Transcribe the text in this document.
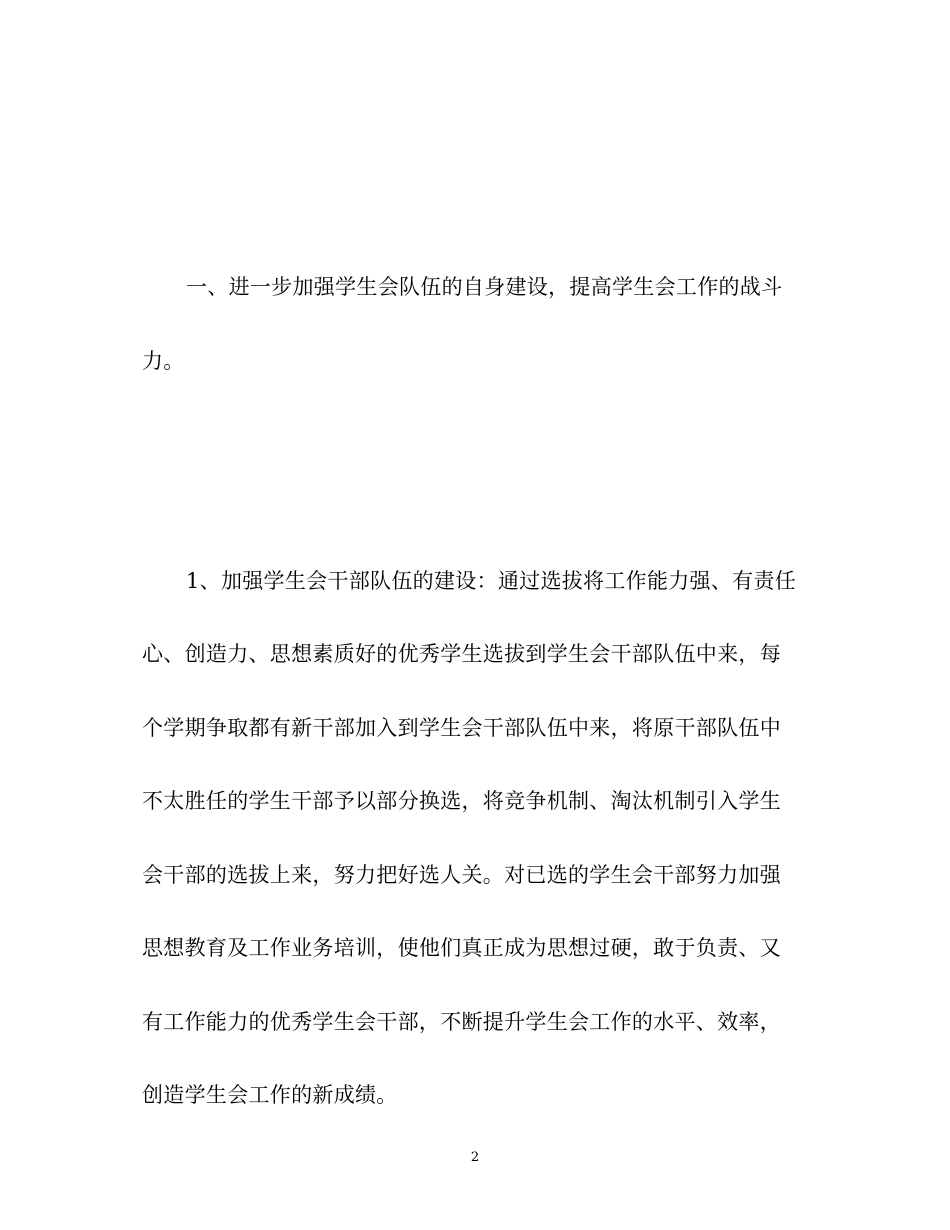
一、进一步加强学生会队伍的自身建设，提高学生会工作的战斗
力。
1、加强学生会干部队伍的建设：通过选拔将工作能力强、有责任
心、创造力、思想素质好的优秀学生选拔到学生会干部队伍中来，每
个学期争取都有新干部加入到学生会干部队伍中来，将原干部队伍中
不太胜任的学生干部予以部分换选，将竞争机制、淘汰机制引入学生
会干部的选拔上来，努力把好选人关。对已选的学生会干部努力加强
思想教育及工作业务培训，使他们真正成为思想过硬，敢于负责、又
有工作能力的优秀学生会干部，不断提升学生会工作的水平、效率，
创造学生会工作的新成绩。
2
